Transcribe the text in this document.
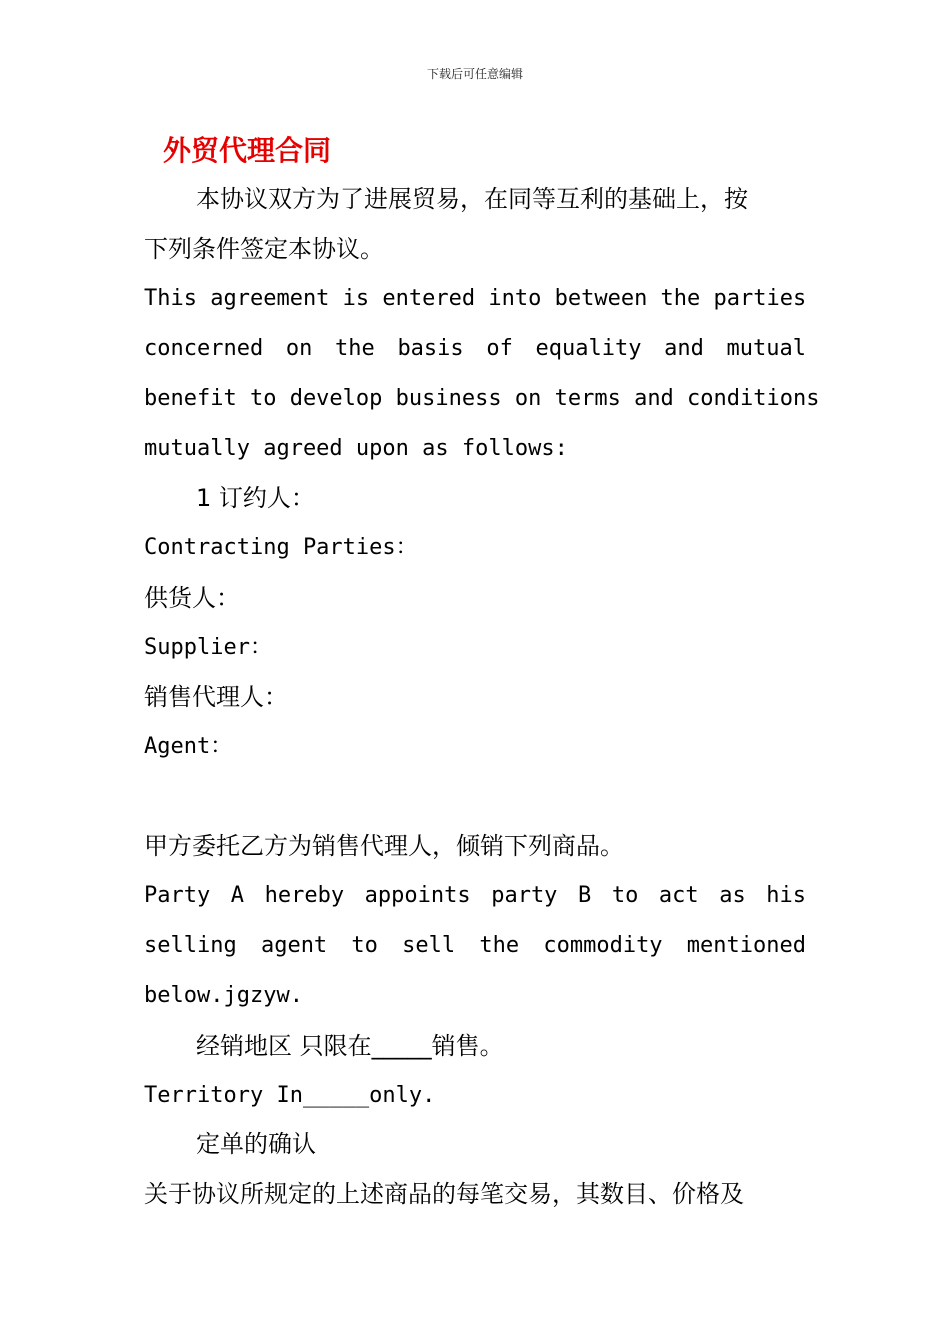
下载后可任意编辑
外贸代理合同
本协议双方为了进展贸易，在同等互利的基础上，按
下列条件签定本协议。
This agreement is entered into between the parties
concerned on the basis of equality and mutual
benefit to develop business on terms and conditions
mutually agreed upon as follows:
1 订约人：
Contracting Parties：
供货人：
Supplier：
销售代理人：
Agent：
甲方委托乙方为销售代理人，倾销下列商品。
Party A hereby appoints party B to act as his
selling agent to sell the commodity mentioned
below.jgzyw.
经销地区 只限在_____销售。
Territory In_____only.
定单的确认
关于协议所规定的上述商品的每笔交易，其数目、价格及
